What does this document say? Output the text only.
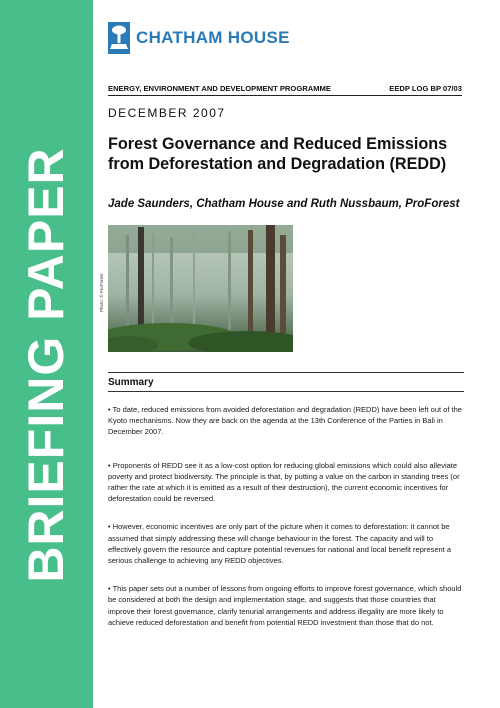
BRIEFING PAPER
CHATHAM HOUSE
ENERGY, ENVIRONMENT AND DEVELOPMENT PROGRAMME	EEDP LOG BP 07/03
DECEMBER 2007
Forest Governance and Reduced Emissions from Deforestation and Degradation (REDD)
Jade Saunders, Chatham House and Ruth Nussbaum, ProForest
Photo: © ProForest
Summary
• To date, reduced emissions from avoided deforestation and degradation (REDD) have been left out of the Kyoto mechanisms. Now they are back on the agenda at the 13th Conference of the Parties in Bali in December 2007.
• Proponents of REDD see it as a low-cost option for reducing global emissions which could also alleviate poverty and protect biodiversity. The principle is that, by putting a value on the carbon in standing trees (or rather the rate at which it is emitted as a result of their destruction), the current economic incentives for deforestation could be reversed.
• However, economic incentives are only part of the picture when it comes to deforestation: it cannot be assumed that simply addressing these will change behaviour in the forest. The capacity and will to effectively govern the resource and capture potential revenues for national and local benefit represent a serious challenge to achieving any REDD objectives.
• This paper sets out a number of lessons from ongoing efforts to improve forest governance, which should be considered at both the design and implementation stage, and suggests that those countries that improve their forest governance, clarify tenurial arrangements and address illegality are more likely to achieve reduced deforestation and benefit from potential REDD investment than those that do not.
